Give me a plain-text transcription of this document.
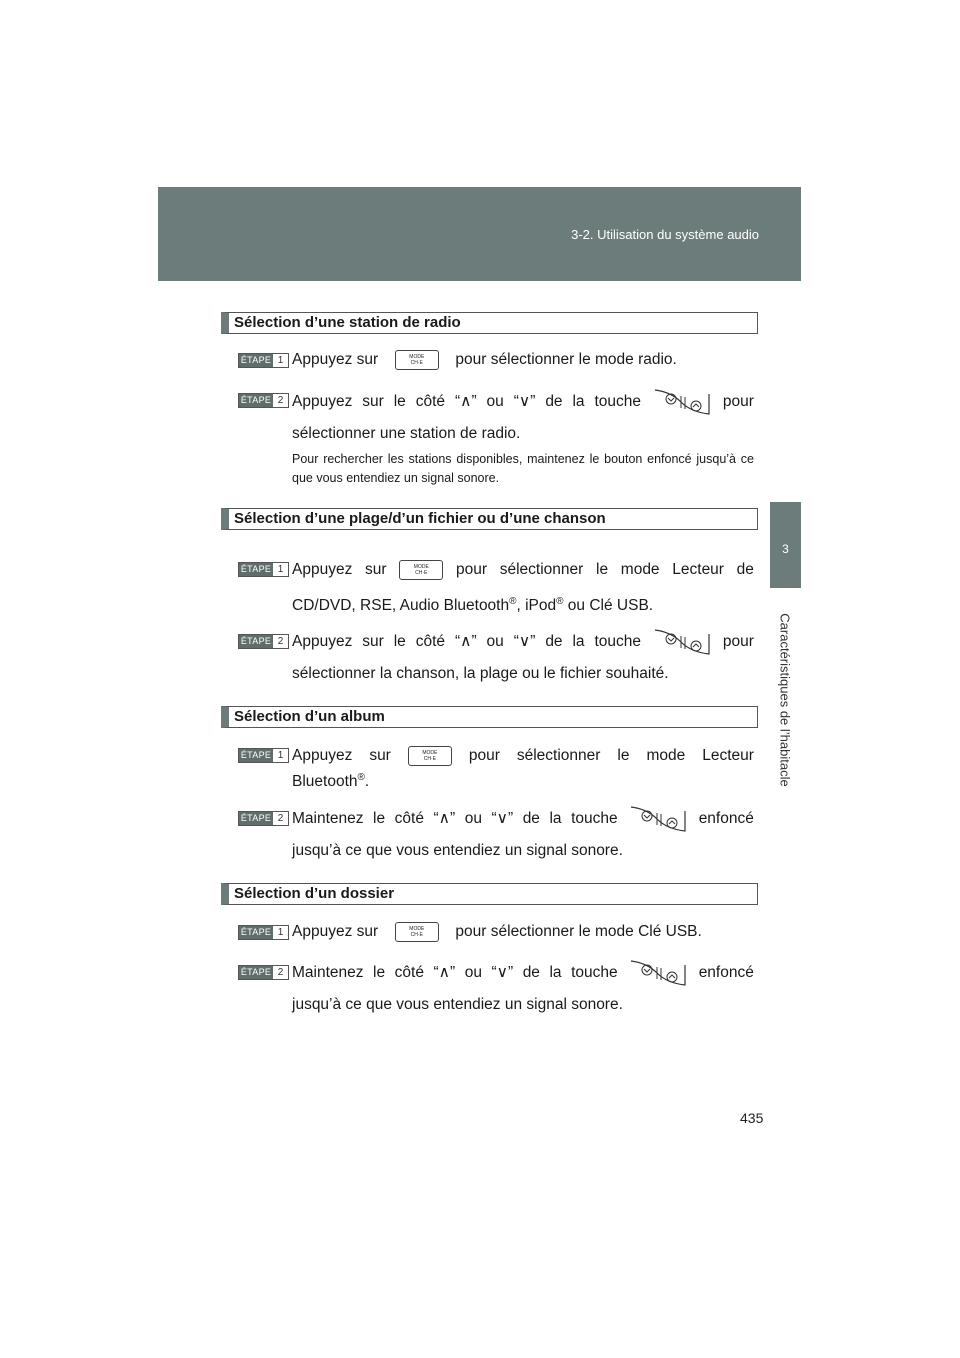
3-2. Utilisation du système audio
3
Caractéristiques de l’habitacle
Sélection d’une station de radio
ÉTAPE 1 Appuyez sur	MODE
CH·E pour sélectionner le mode radio.
ÉTAPE 2 Appuyez sur le côté “∧” ou “∨” de la touche	pour
sélectionner une station de radio.
Pour rechercher les stations disponibles, maintenez le bouton enfoncé jusqu’à ce que vous entendiez un signal sonore.
Sélection d’une plage/d’un fichier ou d’une chanson
ÉTAPE 1 Appuyez sur	MODE
CH·E	pour sélectionner le mode Lecteur de
CD/DVD, RSE, Audio Bluetooth®, iPod® ou Clé USB.
ÉTAPE 2 Appuyez sur le côté “∧” ou “∨” de la touche	pour
sélectionner la chanson, la plage ou le fichier souhaité.
Sélection d’un album
ÉTAPE 1 Appuyez sur	MODE
CH·E	pour sélectionner le mode Lecteur
Bluetooth®.
ÉTAPE 2 Maintenez le côté “∧” ou “∨” de la touche	enfoncé
jusqu’à ce que vous entendiez un signal sonore.
Sélection d’un dossier
ÉTAPE 1 Appuyez sur	MODE
CH·E pour sélectionner le mode Clé USB.
ÉTAPE 2 Maintenez le côté “∧” ou “∨” de la touche	enfoncé
jusqu’à ce que vous entendiez un signal sonore.
435
